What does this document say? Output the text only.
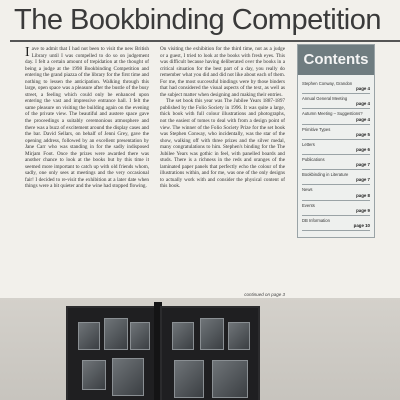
The Bookbinding Competition

Iave to admit that I had not been to visit the new British Library until I was compelled to do so on judgement day. I felt a certain amount of trepidation at the thought of being a judge at the 1998 Bookbinding Competition and entering the grand piazza of the library for the first time and nothing to lessen the anticipation. Walking through this large, open space was a pleasure after the bustle of the busy street, a feeling which could only be enhanced upon entering the vast and impressive entrance hall. I felt the same pleasure on visiting the building again on the evening of the private view. The beautiful and austere space gave the proceedings a suitably ceremonious atmosphere and there was a buzz of excitement around the display cases and the bar. David Sellars, on behalf of Jenni Grey, gave the opening address, followed by an excellent presentation by Jane Carr who was standing in for the sadly indisposed Mirjam Foot. Once the prizes were awarded there was another chance to look at the books but by this time it seemed more important to catch up with old friends whom, sadly, one only sees at meetings and the very occasional fair! I decided to re-visit the exhibition at a later date when things were a bit quieter and the wine had stopped flowing.

On visiting the exhibition for the third time, not as a judge or a guest, I tried to look at the books with fresh eyes. This was difficult because having deliberated over the books in a critical situation for the best part of a day, you really do remember what you did and did not like about each of them. For me, the most successful bindings were by those binders that had considered the visual aspects of the text, as well as the subject matter when designing and making their entries.

The set book this year was The Jubilee Years 1887-1897 published by the Folio Society in 1996. It was quite a large, thick book with full colour illustrations and photographs, not the easiest of tomes to deal with from a design point of view. The winner of the Folio Society Prize for the set book was Stephen Conway, who incidentally, was the star of the show, walking off with three prizes and the silver medal, many congratulations to him. Stephen's binding for the The Jubilee Years was gothic in feel, with panelled boards and studs. There is a richness in the reds and oranges of the laminated paper panels that perfectly echo the colour of the illustrations within, and for me, was one of the only designs to actually work with and consider the physical content of this book.

continued on page 3
Contents
Stephen Conway, Grandon
page 4
Annual General Meeting
page 4
Autumn Meeting – Suggestions?
page 4
Primitive Types
page 5
Letters
page 6
Publications
page 7
Bookbinding in Literature
page 7
News
page 8
Events
page 9
DB Information
page 10
